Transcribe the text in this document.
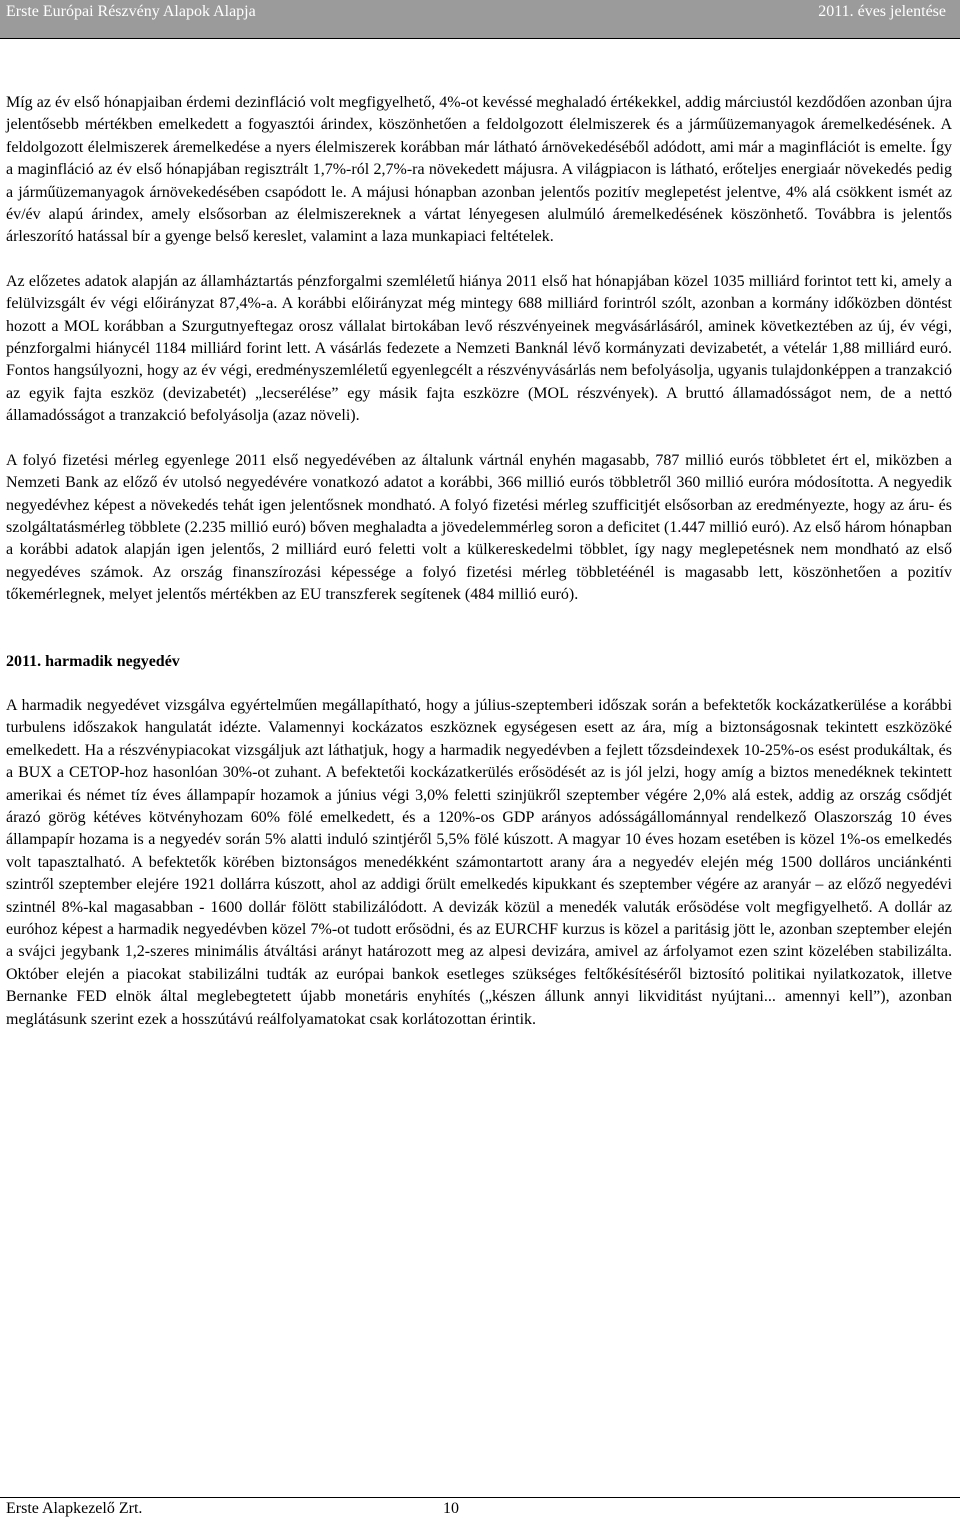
Erste Európai Részvény Alapok Alapja	2011. éves jelentése

Míg az év első hónapjaiban érdemi dezinfláció volt megfigyelhető, 4%-ot kevéssé meghaladó értékekkel, addig márciustól kezdődően azonban újra jelentősebb mértékben emelkedett a fogyasztói árindex, köszönhetően a feldolgozott élelmiszerek és a járműüzemanyagok áremelkedésének. A feldolgozott élelmiszerek áremelkedése a nyers élelmiszerek korábban már látható árnövekedéséből adódott, ami már a maginflációt is emelte. Így a maginfláció az év első hónapjában regisztrált 1,7%-ról 2,7%-ra növekedett májusra. A világpiacon is látható, erőteljes energiaár növekedés pedig a járműüzemanyagok árnövekedésében csapódott le. A májusi hónapban azonban jelentős pozitív meglepetést jelentve, 4% alá csökkent ismét az év/év alapú árindex, amely elsősorban az élelmiszereknek a vártat lényegesen alulmúló áremelkedésének köszönhető. Továbbra is jelentős árleszorító hatással bír a gyenge belső kereslet, valamint a laza munkapiaci feltételek.

Az előzetes adatok alapján az államháztartás pénzforgalmi szemléletű hiánya 2011 első hat hónapjában közel 1035 milliárd forintot tett ki, amely a felülvizsgált év végi előirányzat 87,4%-a. A korábbi előirányzat még mintegy 688 milliárd forintról szólt, azonban a kormány időközben döntést hozott a MOL korábban a Szurgutnyeftegaz orosz vállalat birtokában levő részvényeinek megvásárlásáról, aminek következtében az új, év végi, pénzforgalmi hiánycél 1184 milliárd forint lett. A vásárlás fedezete a Nemzeti Banknál lévő kormányzati devizabetét, a vételár 1,88 milliárd euró. Fontos hangsúlyozni, hogy az év végi, eredményszemléletű egyenlegcélt a részvényvásárlás nem befolyásolja, ugyanis tulajdonképpen a tranzakció az egyik fajta eszköz (devizabetét) „lecserélése” egy másik fajta eszközre (MOL részvények). A bruttó államadósságot nem, de a nettó államadósságot a tranzakció befolyásolja (azaz növeli).

A folyó fizetési mérleg egyenlege 2011 első negyedévében az általunk vártnál enyhén magasabb, 787 millió eurós többletet ért el, miközben a Nemzeti Bank az előző év utolsó negyedévére vonatkozó adatot a korábbi, 366 millió eurós többletről 360 millió euróra módosította. A negyedik negyedévhez képest a növekedés tehát igen jelentősnek mondható. A folyó fizetési mérleg szufficitjét elsősorban az eredményezte, hogy az áru- és szolgáltatásmérleg többlete (2.235 millió euró) bőven meghaladta a jövedelemmérleg soron a deficitet (1.447 millió euró). Az első három hónapban a korábbi adatok alapján igen jelentős, 2 milliárd euró feletti volt a külkereskedelmi többlet, így nagy meglepetésnek nem mondható az első negyedéves számok. Az ország finanszírozási képessége a folyó fizetési mérleg többletéénél is magasabb lett, köszönhetően a pozitív tőkemérlegnek, melyet jelentős mértékben az EU transzferek segítenek (484 millió euró).

2011. harmadik negyedév

A harmadik negyedévet vizsgálva egyértelműen megállapítható, hogy a július-szeptemberi időszak során a befektetők kockázatkerülése a korábbi turbulens időszakok hangulatát idézte. Valamennyi kockázatos eszköznek egységesen esett az ára, míg a biztonságosnak tekintett eszközöké emelkedett. Ha a részvénypiacokat vizsgáljuk azt láthatjuk, hogy a harmadik negyedévben a fejlett tőzsdeindexek 10-25%-os esést produkáltak, és a BUX a CETOP-hoz hasonlóan 30%-ot zuhant. A befektetői kockázatkerülés erősödését az is jól jelzi, hogy amíg a biztos menedéknek tekintett amerikai és német tíz éves állampapír hozamok a június végi 3,0% feletti szinjükről szeptember végére 2,0% alá estek, addig az ország csődjét árazó görög kétéves kötvényhozam 60% fölé emelkedett, és a 120%-os GDP arányos adósságállománnyal rendelkező Olaszország 10 éves állampapír hozama is a negyedév során 5% alatti induló szintjéről 5,5% fölé kúszott. A magyar 10 éves hozam esetében is közel 1%-os emelkedés volt tapasztalható. A befektetők körében biztonságos menedékként számontartott arany ára a negyedév elején még 1500 dolláros unciánkénti szintről szeptember elejére 1921 dollárra kúszott, ahol az addigi őrült emelkedés kipukkant és szeptember végére az aranyár – az előző negyedévi szintnél 8%-kal magasabban - 1600 dollár fölött stabilizálódott. A devizák közül a menedék valuták erősödése volt megfigyelhető. A dollár az euróhoz képest a harmadik negyedévben közel 7%-ot tudott erősödni, és az EURCHF kurzus is közel a paritásig jött le, azonban szeptember elején a svájci jegybank 1,2-szeres minimális átváltási arányt határozott meg az alpesi devizára, amivel az árfolyamot ezen szint közelében stabilizálta. Október elején a piacokat stabilizálni tudták az európai bankok esetleges szükséges feltőkésítéséről biztosító politikai nyilatkozatok, illetve Bernanke FED elnök által meglebegtetett újabb monetáris enyhítés („készen állunk annyi likviditást nyújtani... amennyi kell”), azonban meglátásunk szerint ezek a hosszútávú reálfolyamatokat csak korlátozottan érintik.

Erste Alapkezelő Zrt.	10
